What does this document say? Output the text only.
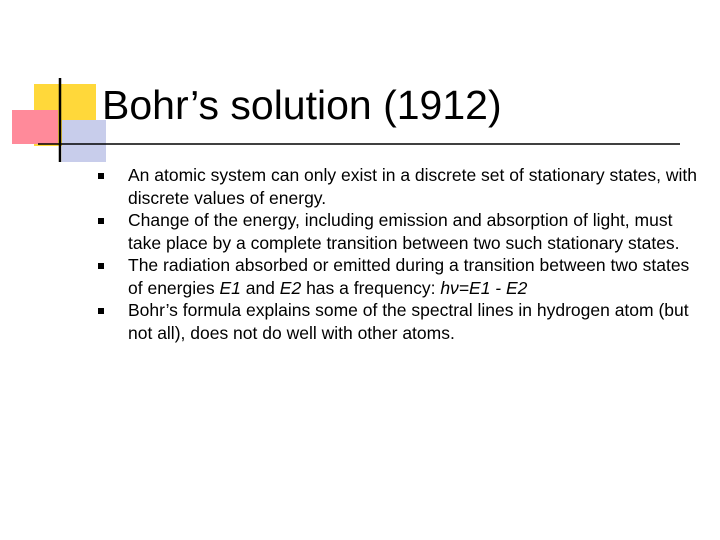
Bohr’s solution (1912)
An atomic system can only exist in a discrete set of stationary states, with discrete values of energy.
Change of the energy, including emission and absorption of light, must take place by a complete transition between two such stationary states.
The radiation absorbed or emitted during a transition between two states of energies E1 and E2 has a frequency: hν=E1 - E2
Bohr’s formula explains some of the spectral lines in hydrogen atom (but not all), does not do well with other atoms.
